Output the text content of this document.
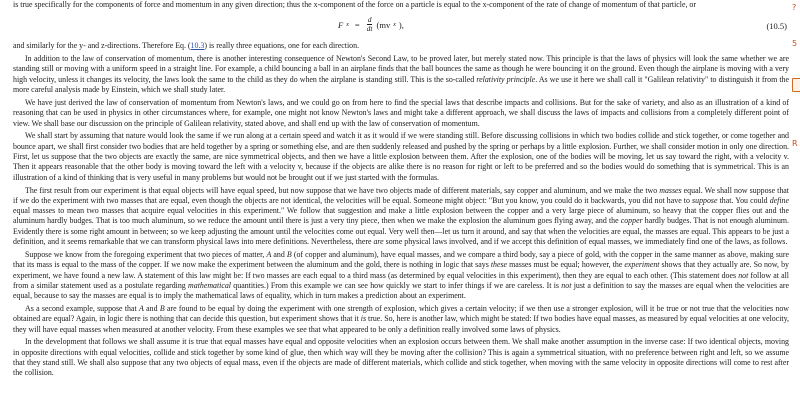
is true specifically for the components of force and momentum in any given direction; thus the x-component of the force on a particle is equal to the x-component of the rate of change of momentum of that particle, or

F $x = \frac{d}{dt} (mv$ x ),	(10.5)

and similarly for the y- and z-directions. Therefore Eq. (10.3) is really three equations, one for each direction.

In addition to the law of conservation of momentum, there is another interesting consequence of Newton's Second Law, to be proved later, but merely stated now. This principle is that the laws of physics will look the same whether we are standing still or moving with a uniform speed in a straight line. For example, a child bouncing a ball in an airplane finds that the ball bounces the same as though he were bouncing it on the ground. Even though the airplane is moving with a very high velocity, unless it changes its velocity, the laws look the same to the child as they do when the airplane is standing still. This is the so-called relativity principle. As we use it here we shall call it "Galilean relativity" to distinguish it from the more careful analysis made by Einstein, which we shall study later.

We have just derived the law of conservation of momentum from Newton's laws, and we could go on from here to find the special laws that describe impacts and collisions. But for the sake of variety, and also as an illustration of a kind of reasoning that can be used in physics in other circumstances where, for example, one might not know Newton's laws and might take a different approach, we shall discuss the laws of impacts and collisions from a completely different point of view. We shall base our discussion on the principle of Galilean relativity, stated above, and shall end up with the law of conservation of momentum.

We shall start by assuming that nature would look the same if we run along at a certain speed and watch it as it would if we were standing still. Before discussing collisions in which two bodies collide and stick together, or come together and bounce apart, we shall first consider two bodies that are held together by a spring or something else, and are then suddenly released and pushed by the spring or perhaps by a little explosion. Further, we shall consider motion in only one direction. First, let us suppose that the two objects are exactly the same, are nice symmetrical objects, and then we have a little explosion between them. After the explosion, one of the bodies will be moving, let us say toward the right, with a velocity v. Then it appears reasonable that the other body is moving toward the left with a velocity v, because if the objects are alike there is no reason for right or left to be preferred and so the bodies would do something that is symmetrical. This is an illustration of a kind of thinking that is very useful in many problems but would not be brought out if we just started with the formulas.

The first result from our experiment is that equal objects will have equal speed, but now suppose that we have two objects made of different materials, say copper and aluminum, and we make the two masses equal. We shall now suppose that if we do the experiment with two masses that are equal, even though the objects are not identical, the velocities will be equal. Someone might object: "But you know, you could do it backwards, you did not have to suppose that. You could define equal masses to mean two masses that acquire equal velocities in this experiment." We follow that suggestion and make a little explosion between the copper and a very large piece of aluminum, so heavy that the copper flies out and the aluminum hardly budges. That is too much aluminum, so we reduce the amount until there is just a very tiny piece, then when we make the explosion the aluminum goes flying away, and the copper hardly budges. That is not enough aluminum. Evidently there is some right amount in between; so we keep adjusting the amount until the velocities come out equal. Very well then—let us turn it around, and say that when the velocities are equal, the masses are equal. This appears to be just a definition, and it seems remarkable that we can transform physical laws into mere definitions. Nevertheless, there are some physical laws involved, and if we accept this definition of equal masses, we immediately find one of the laws, as follows.

Suppose we know from the foregoing experiment that two pieces of matter, A and B (of copper and aluminum), have equal masses, and we compare a third body, say a piece of gold, with the copper in the same manner as above, making sure that its mass is equal to the mass of the copper. If we now make the experiment between the aluminum and the gold, there is nothing in logic that says these masses must be equal; however, the experiment shows that they actually are. So now, by experiment, we have found a new law. A statement of this law might be: If two masses are each equal to a third mass (as determined by equal velocities in this experiment), then they are equal to each other. (This statement does not follow at all from a similar statement used as a postulate regarding mathematical quantities.) From this example we can see how quickly we start to infer things if we are careless. It is not just a definition to say the masses are equal when the velocities are equal, because to say the masses are equal is to imply the mathematical laws of equality, which in turn makes a prediction about an experiment.

As a second example, suppose that A and B are found to be equal by doing the experiment with one strength of explosion, which gives a certain velocity; if we then use a stronger explosion, will it be true or not true that the velocities now obtained are equal? Again, in logic there is nothing that can decide this question, but experiment shows that it is true. So, here is another law, which might be stated: If two bodies have equal masses, as measured by equal velocities at one velocity, they will have equal masses when measured at another velocity. From these examples we see that what appeared to be only a definition really involved some laws of physics.

In the development that follows we shall assume it is true that equal masses have equal and opposite velocities when an explosion occurs between them. We shall make another assumption in the inverse case: If two identical objects, moving in opposite directions with equal velocities, collide and stick together by some kind of glue, then which way will they be moving after the collision? This is again a symmetrical situation, with no preference between right and left, so we assume that they stand still. We shall also suppose that any two objects of equal mass, even if the objects are made of different materials, which collide and stick together, when moving with the same velocity in opposite directions will come to rest after the collision.

?
5
R
